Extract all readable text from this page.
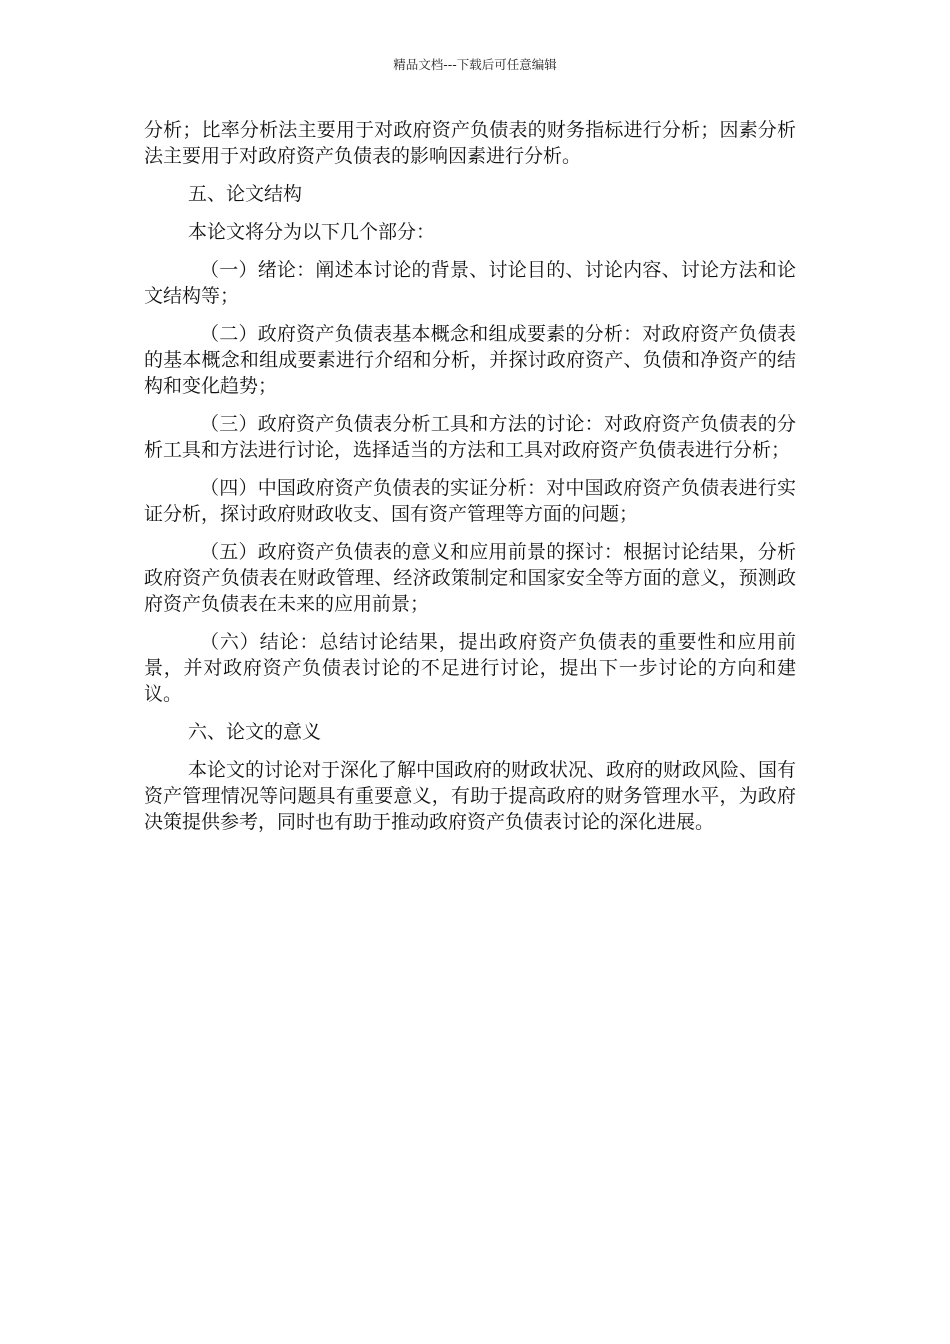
精品文档---下载后可任意编辑

分析；比率分析法主要用于对政府资产负债表的财务指标进行分析；因素分析法主要用于对政府资产负债表的影响因素进行分析。

五、论文结构

本论文将分为以下几个部分：

（一）绪论：阐述本讨论的背景、讨论目的、讨论内容、讨论方法和论文结构等；

（二）政府资产负债表基本概念和组成要素的分析：对政府资产负债表的基本概念和组成要素进行介绍和分析，并探讨政府资产、负债和净资产的结构和变化趋势；

（三）政府资产负债表分析工具和方法的讨论：对政府资产负债表的分析工具和方法进行讨论，选择适当的方法和工具对政府资产负债表进行分析；

（四）中国政府资产负债表的实证分析：对中国政府资产负债表进行实证分析，探讨政府财政收支、国有资产管理等方面的问题；

（五）政府资产负债表的意义和应用前景的探讨：根据讨论结果，分析政府资产负债表在财政管理、经济政策制定和国家安全等方面的意义，预测政府资产负债表在未来的应用前景；

（六）结论：总结讨论结果，提出政府资产负债表的重要性和应用前景，并对政府资产负债表讨论的不足进行讨论，提出下一步讨论的方向和建议。

六、论文的意义

本论文的讨论对于深化了解中国政府的财政状况、政府的财政风险、国有资产管理情况等问题具有重要意义，有助于提高政府的财务管理水平，为政府决策提供参考，同时也有助于推动政府资产负债表讨论的深化进展。
